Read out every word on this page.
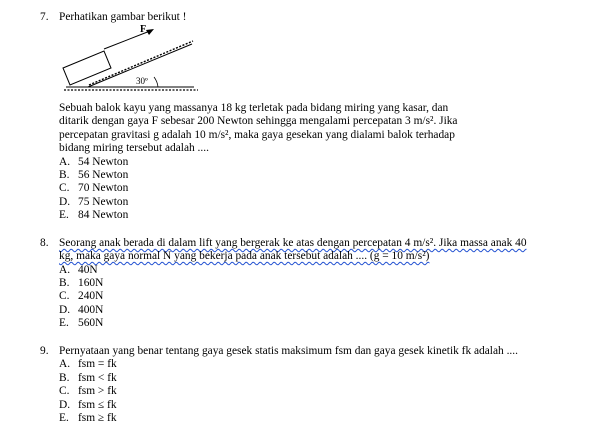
7. Perhatikan gambar berikut !
30º
F
Sebuah balok kayu yang massanya 18 kg terletak pada bidang miring yang kasar, dan
ditarik dengan gaya F sebesar 200 Newton sehingga mengalami percepatan 3 m/s². Jika
percepatan gravitasi g adalah 10 m/s², maka gaya gesekan yang dialami balok terhadap
bidang miring tersebut adalah ....
A. 54 Newton
B. 56 Newton
C. 70 Newton
D. 75 Newton
E. 84 Newton
8. Seorang anak berada di dalam lift yang bergerak ke atas dengan percepatan 4 m/s². Jika massa anak 40
kg, maka gaya normal N yang bekerja pada anak tersebut adalah .... (g = 10 m/s²)
A. 40N
B. 160N
C. 240N
D. 400N
E. 560N
9. Pernyataan yang benar tentang gaya gesek statis maksimum fsm dan gaya gesek kinetik fk adalah ....
A. fsm = fk
B. fsm < fk
C. fsm > fk
D. fsm ≤ fk
E. fsm ≥ fk
